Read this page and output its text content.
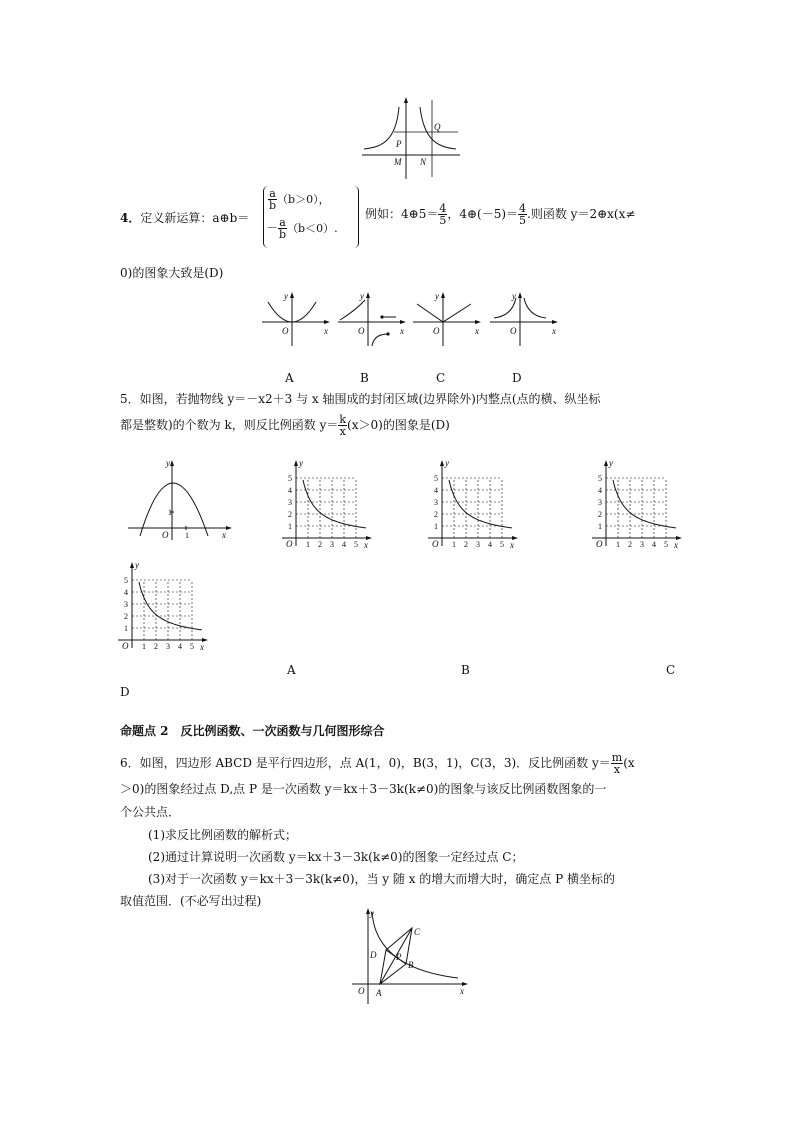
P
Q
M N
4．定义新运算：a⊕b＝
$\frac{a}{b} (b>0)$，
－ $\frac{a}{b} (b<0)$.
例如：4⊕5＝ $\frac{4}{5}$ ，4⊕(－5)＝ $\frac{4}{5}$ .则函数 y＝2⊕x(x≠
0)的图象大致是(D)
y
x
O
y
x
O
y
x
O
y
x
O
A	B	C	D
5．如图，若抛物线 y＝－x2＋3 与 x 轴围成的封闭区域(边界除外)内整点(点的横、纵坐标
都是整数)的个数为 k，则反比例函数 $y= \frac{k}{x} (x>0)$的图象是(D)
y
x
O 1
1
1
1
2
2
3
3
4
4
5
5
O	x
y
1
1
2
2
3
3
4
4
5
5
O	x
y
1
1
2
2
3
3
4
4
5
5
O	x
y
1
1
2
2
3
3
4
4
5
5
O	x
y
A	B	C
D
命题点 2　反比例函数、一次函数与几何图形综合
6．如图，四边形 ABCD 是平行四边形，点 A(1，0)，B(3，1)，C(3，3)．反比例函数 $y= \frac{m}{x} (x$
＞0)的图象经过点 D,点 P 是一次函数 y＝kx＋3－3k(k≠0)的图象与该反比例函数图象的一
个公共点．
(1)求反比例函数的解析式；
(2)通过计算说明一次函数 y＝kx＋3－3k(k≠0)的图象一定经过点 C；
(3)对于一次函数 y＝kx＋3－3k(k≠0)，当 y 随 x 的增大而增大时，确定点 P 横坐标的
取值范围．(不必写出过程)
A
B
C
D P
y
x
O
